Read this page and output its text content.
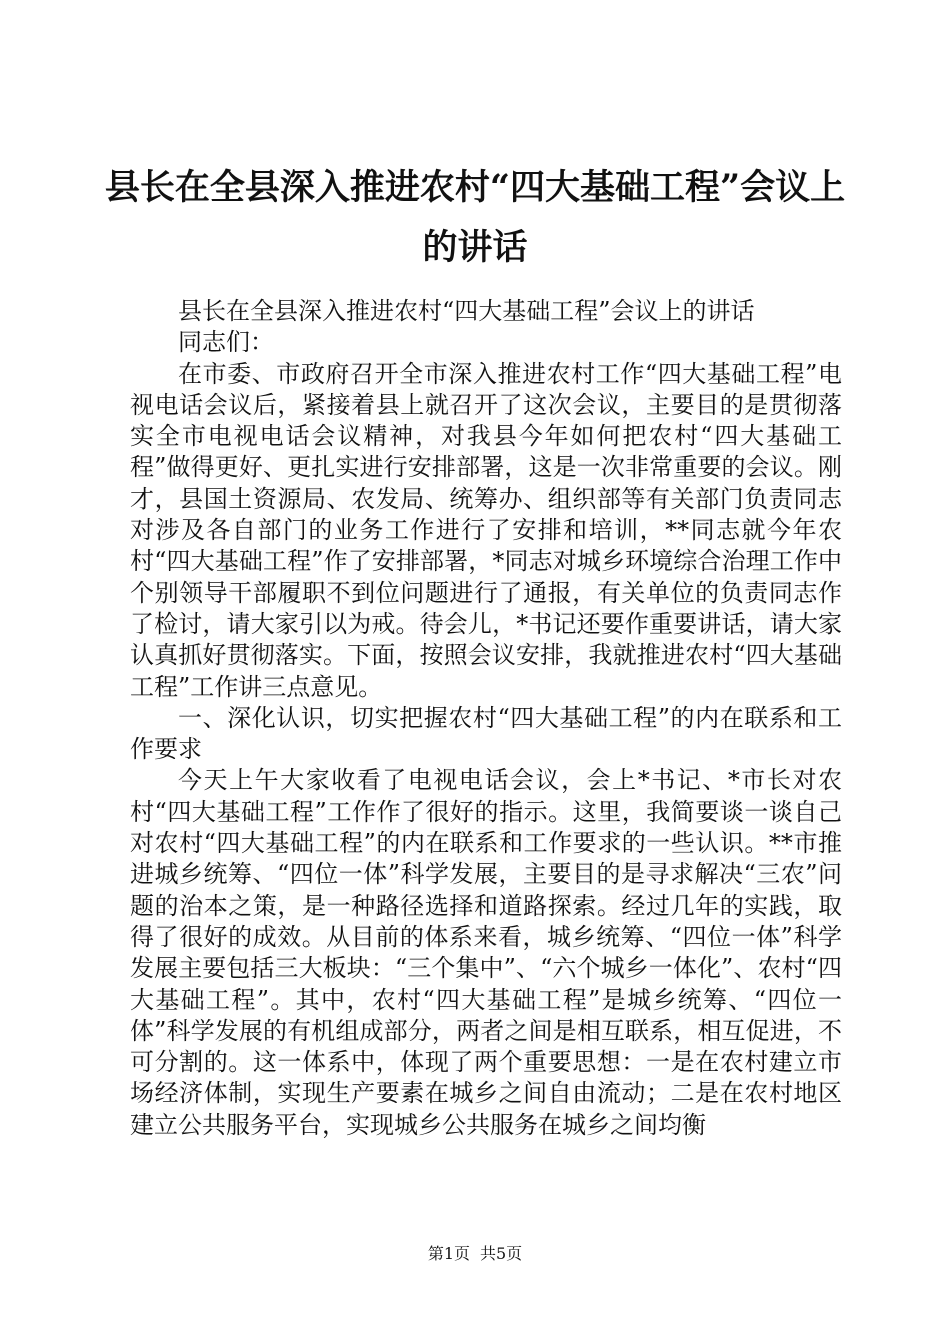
县长在全县深入推进农村“四大基础工程”会议上的讲话

县长在全县深入推进农村“四大基础工程”会议上的讲话

同志们：

在市委、市政府召开全市深入推进农村工作“四大基础工程”电视电话会议后，紧接着县上就召开了这次会议，主要目的是贯彻落实全市电视电话会议精神，对我县今年如何把农村“四大基础工程”做得更好、更扎实进行安排部署，这是一次非常重要的会议。刚才，县国土资源局、农发局、统筹办、组织部等有关部门负责同志对涉及各自部门的业务工作进行了安排和培训，**同志就今年农村“四大基础工程”作了安排部署，*同志对城乡环境综合治理工作中个别领导干部履职不到位问题进行了通报，有关单位的负责同志作了检讨，请大家引以为戒。待会儿，*书记还要作重要讲话，请大家认真抓好贯彻落实。下面，按照会议安排，我就推进农村“四大基础工程”工作讲三点意见。

一、深化认识，切实把握农村“四大基础工程”的内在联系和工作要求

今天上午大家收看了电视电话会议，会上*书记、*市长对农村“四大基础工程”工作作了很好的指示。这里，我简要谈一谈自己对农村“四大基础工程”的内在联系和工作要求的一些认识。**市推进城乡统筹、“四位一体”科学发展，主要目的是寻求解决“三农”问题的治本之策，是一种路径选择和道路探索。经过几年的实践，取得了很好的成效。从目前的体系来看，城乡统筹、“四位一体”科学发展主要包括三大板块：“三个集中”、“六个城乡一体化”、农村“四大基础工程”。其中，农村“四大基础工程”是城乡统筹、“四位一体”科学发展的有机组成部分，两者之间是相互联系，相互促进，不可分割的。这一体系中，体现了两个重要思想：一是在农村建立市场经济体制，实现生产要素在城乡之间自由流动；二是在农村地区建立公共服务平台，实现城乡公共服务在城乡之间均衡

第1页 共5页
